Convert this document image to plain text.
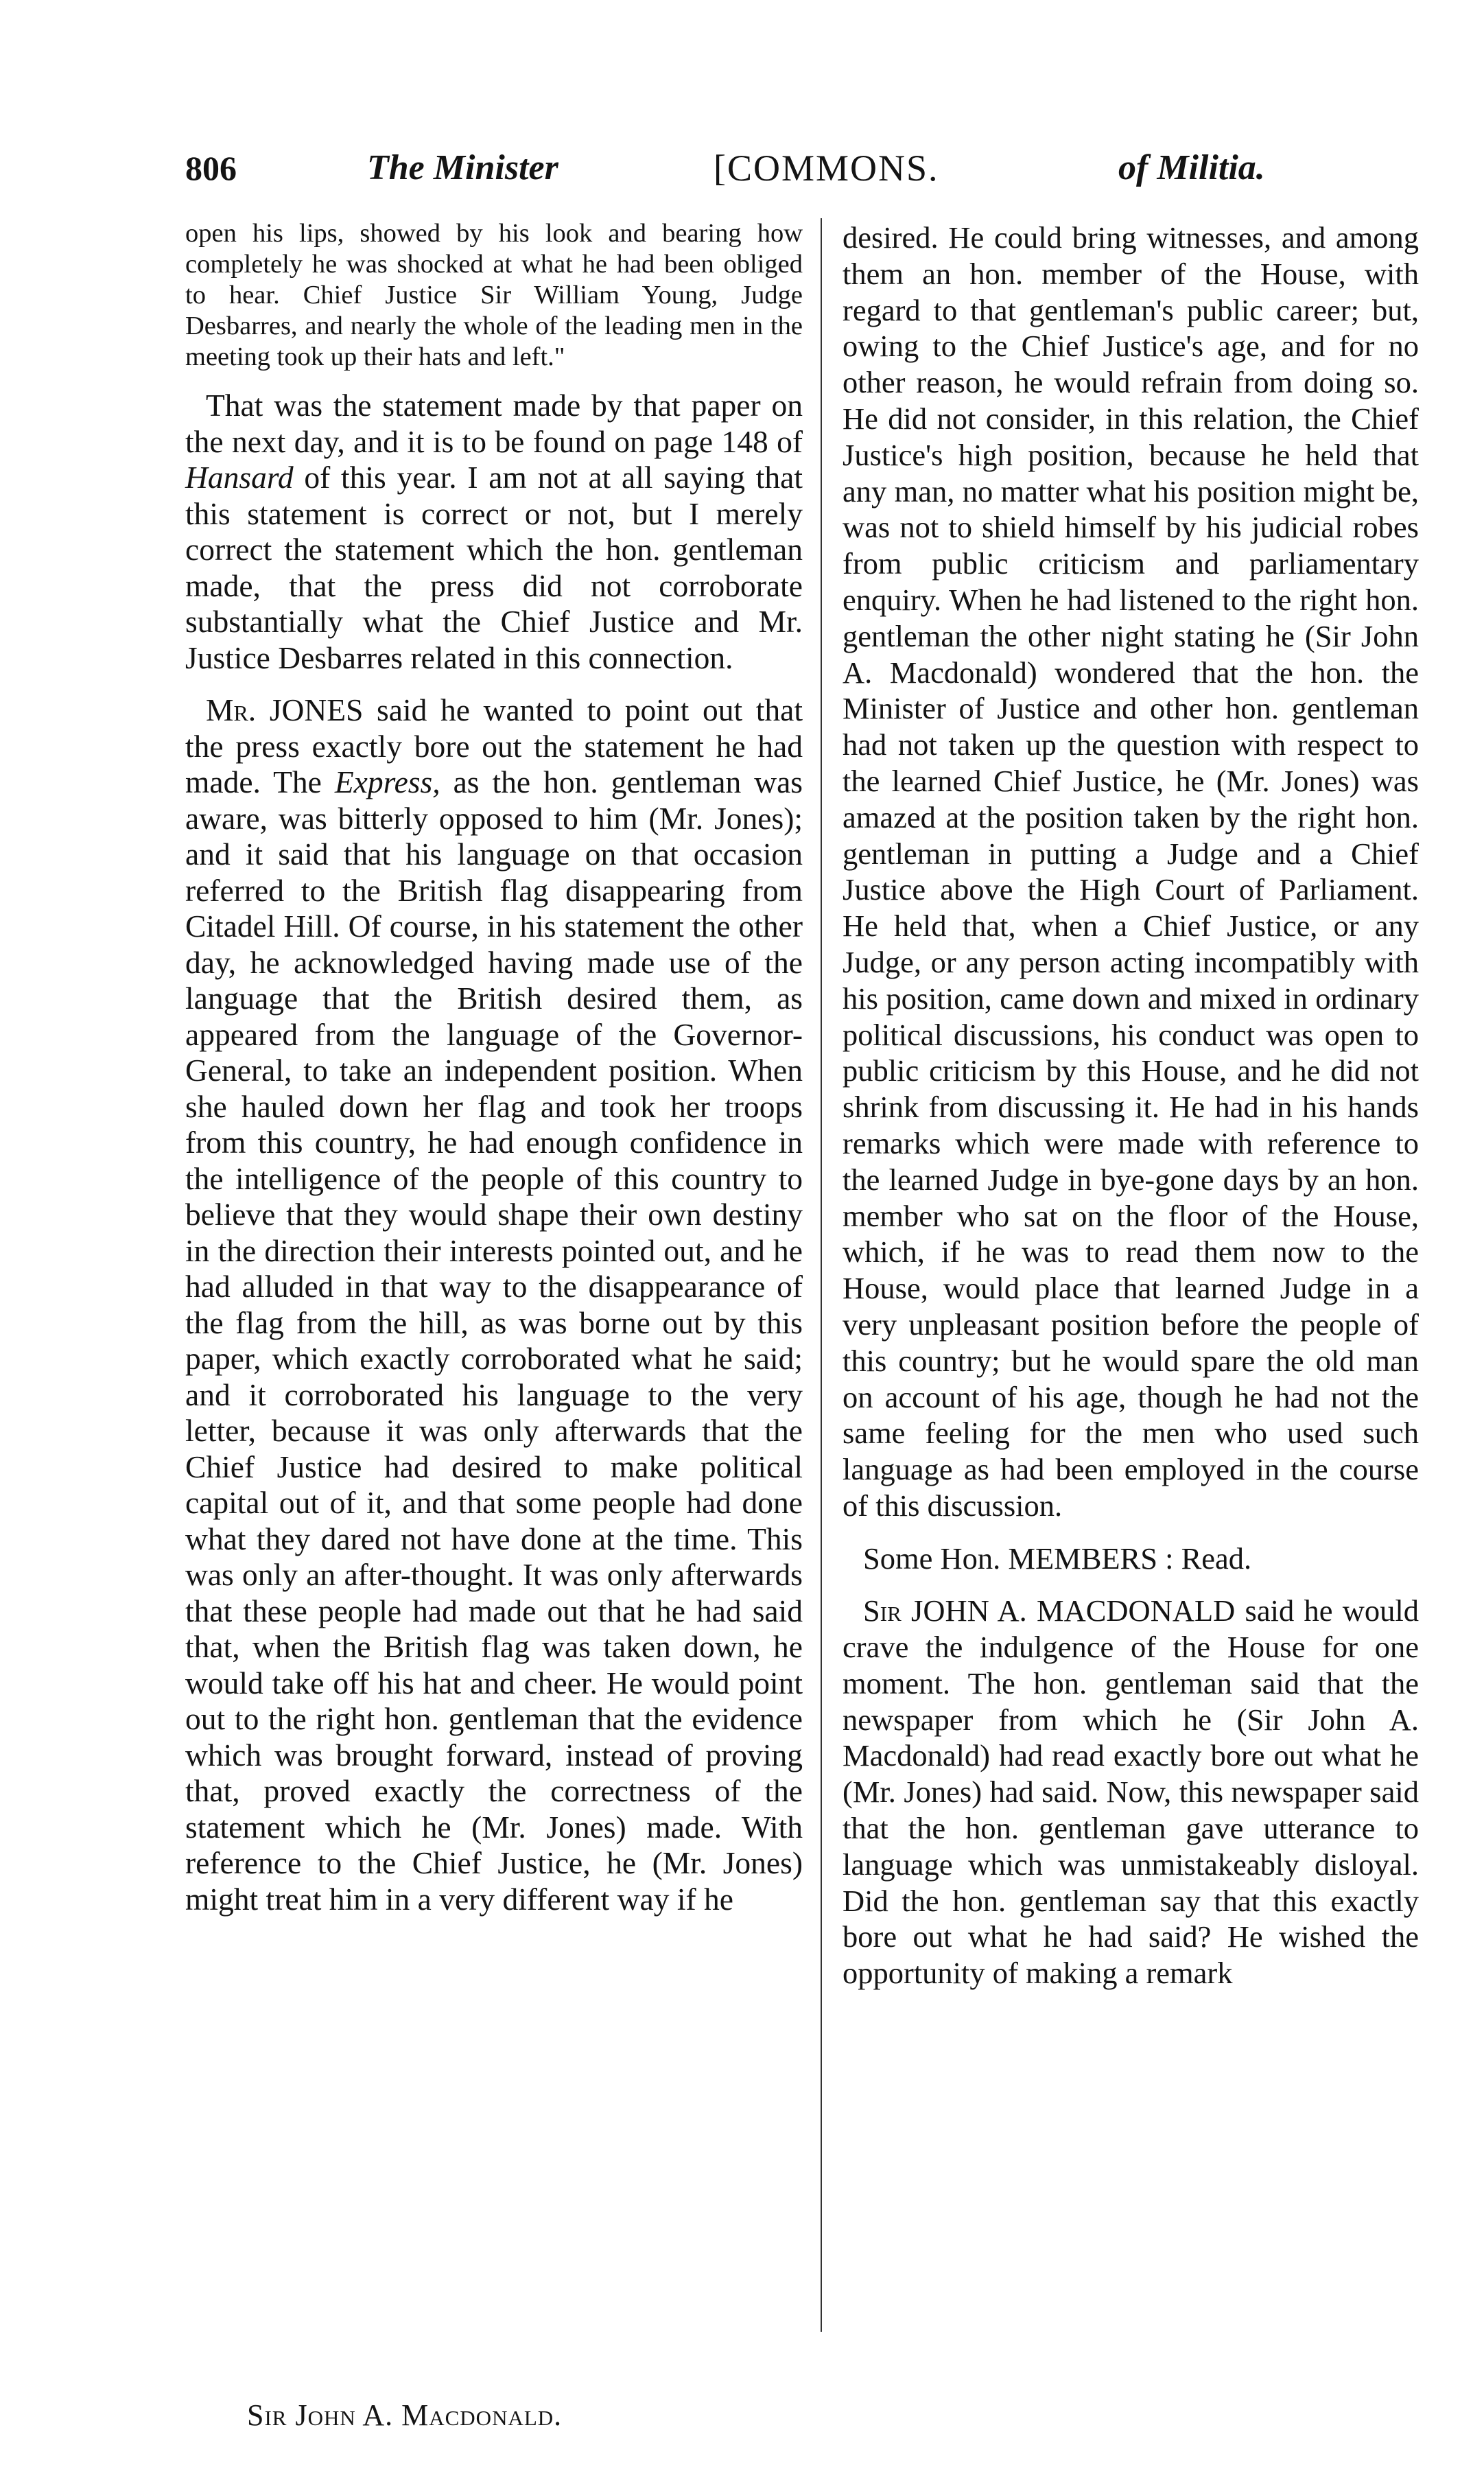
806	The Minister	[COMMONS.	of Militia.

open his lips, showed by his look and bearing how completely he was shocked at what he had been obliged to hear. Chief Justice Sir William Young, Judge Desbarres, and nearly the whole of the leading men in the meeting took up their hats and left."

That was the statement made by that paper on the next day, and it is to be found on page 148 of Hansard of this year. I am not at all saying that this statement is correct or not, but I merely correct the statement which the hon. gentleman made, that the press did not corroborate substantially what the Chief Justice and Mr. Justice Desbarres related in this connection.

Mr. JONES said he wanted to point out that the press exactly bore out the statement he had made. The Express, as the hon. gentleman was aware, was bitterly opposed to him (Mr. Jones); and it said that his language on that occasion referred to the British flag disappearing from Citadel Hill. Of course, in his statement the other day, he acknowledged having made use of the language that the British desired them, as appeared from the language of the Governor-General, to take an independent position. When she hauled down her flag and took her troops from this country, he had enough confidence in the intelligence of the people of this country to believe that they would shape their own destiny in the direction their interests pointed out, and he had alluded in that way to the disappearance of the flag from the hill, as was borne out by this paper, which exactly corroborated what he said; and it corroborated his language to the very letter, because it was only afterwards that the Chief Justice had desired to make political capital out of it, and that some people had done what they dared not have done at the time. This was only an after-thought. It was only afterwards that these people had made out that he had said that, when the British flag was taken down, he would take off his hat and cheer. He would point out to the right hon. gentleman that the evidence which was brought forward, instead of proving that, proved exactly the correctness of the statement which he (Mr. Jones) made. With reference to the Chief Justice, he (Mr. Jones) might treat him in a very different way if he

desired. He could bring witnesses, and among them an hon. member of the House, with regard to that gentleman's public career; but, owing to the Chief Justice's age, and for no other reason, he would refrain from doing so. He did not consider, in this relation, the Chief Justice's high position, because he held that any man, no matter what his position might be, was not to shield himself by his judicial robes from public criticism and parliamentary enquiry. When he had listened to the right hon. gentleman the other night stating he (Sir John A. Macdonald) wondered that the hon. the Minister of Justice and other hon. gentleman had not taken up the question with respect to the learned Chief Justice, he (Mr. Jones) was amazed at the position taken by the right hon. gentleman in putting a Judge and a Chief Justice above the High Court of Parliament. He held that, when a Chief Justice, or any Judge, or any person acting incompatibly with his position, came down and mixed in ordinary political discussions, his conduct was open to public criticism by this House, and he did not shrink from discussing it. He had in his hands remarks which were made with reference to the learned Judge in bye-gone days by an hon. member who sat on the floor of the House, which, if he was to read them now to the House, would place that learned Judge in a very unpleasant position before the people of this country; but he would spare the old man on account of his age, though he had not the same feeling for the men who used such language as had been employed in the course of this discussion.

Some Hon. MEMBERS : Read.

Sir JOHN A. MACDONALD said he would crave the indulgence of the House for one moment. The hon. gentleman said that the newspaper from which he (Sir John A. Macdonald) had read exactly bore out what he (Mr. Jones) had said. Now, this newspaper said that the hon. gentleman gave utterance to language which was unmistakeably disloyal. Did the hon. gentleman say that this exactly bore out what he had said? He wished the opportunity of making a remark

Sir John A. Macdonald.
